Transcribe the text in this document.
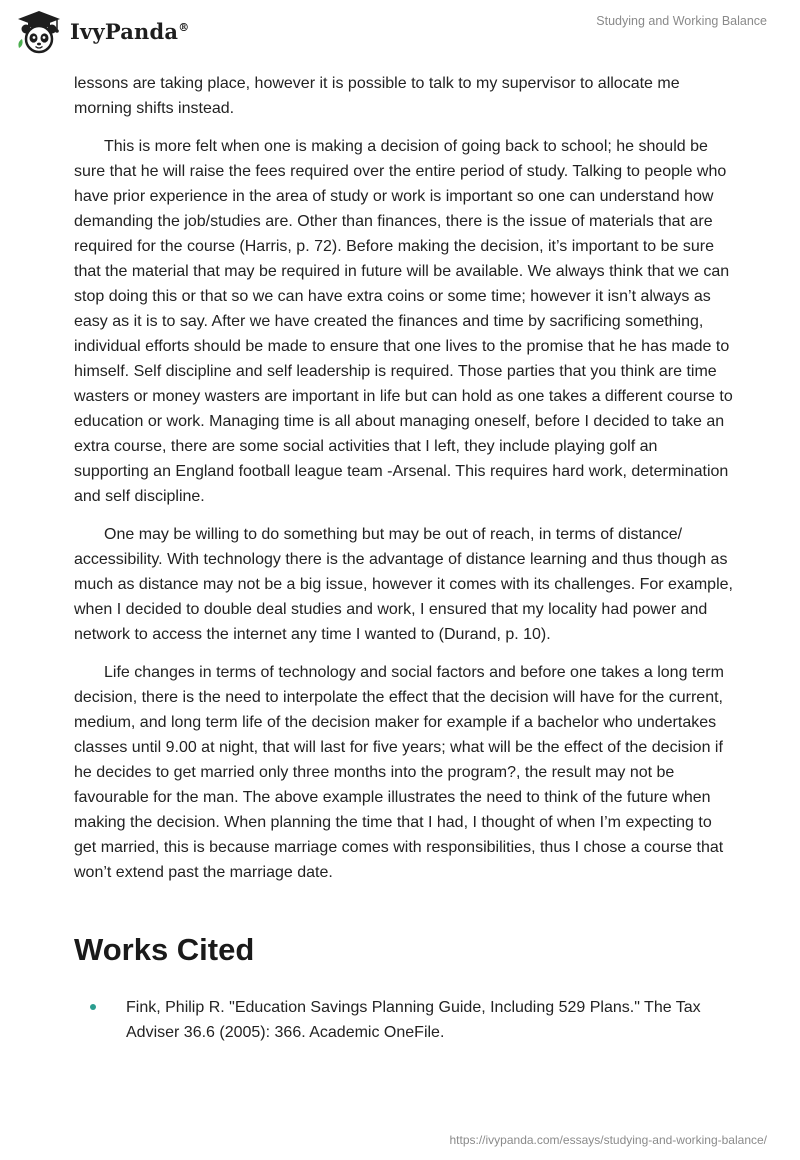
IvyPanda®	Studying and Working Balance

lessons are taking place, however it is possible to talk to my supervisor to allocate me morning shifts instead.

This is more felt when one is making a decision of going back to school; he should be sure that he will raise the fees required over the entire period of study. Talking to people who have prior experience in the area of study or work is important so one can understand how demanding the job/studies are. Other than finances, there is the issue of materials that are required for the course (Harris, p. 72). Before making the decision, it’s important to be sure that the material that may be required in future will be available. We always think that we can stop doing this or that so we can have extra coins or some time; however it isn’t always as easy as it is to say. After we have created the finances and time by sacrificing something, individual efforts should be made to ensure that one lives to the promise that he has made to himself. Self discipline and self leadership is required. Those parties that you think are time wasters or money wasters are important in life but can hold as one takes a different course to education or work. Managing time is all about managing oneself, before I decided to take an extra course, there are some social activities that I left, they include playing golf an supporting an England football league team -Arsenal. This requires hard work, determination and self discipline.

One may be willing to do something but may be out of reach, in terms of distance/ accessibility. With technology there is the advantage of distance learning and thus though as much as distance may not be a big issue, however it comes with its challenges. For example, when I decided to double deal studies and work, I ensured that my locality had power and network to access the internet any time I wanted to (Durand, p. 10).

Life changes in terms of technology and social factors and before one takes a long term decision, there is the need to interpolate the effect that the decision will have for the current, medium, and long term life of the decision maker for example if a bachelor who undertakes classes until 9.00 at night, that will last for five years; what will be the effect of the decision if he decides to get married only three months into the program?, the result may not be favourable for the man. The above example illustrates the need to think of the future when making the decision. When planning the time that I had, I thought of when I’m expecting to get married, this is because marriage comes with responsibilities, thus I chose a course that won’t extend past the marriage date.

Works Cited
Fink, Philip R. "Education Savings Planning Guide, Including 529 Plans." The Tax Adviser 36.6 (2005): 366. Academic OneFile.
https://ivypanda.com/essays/studying-and-working-balance/
